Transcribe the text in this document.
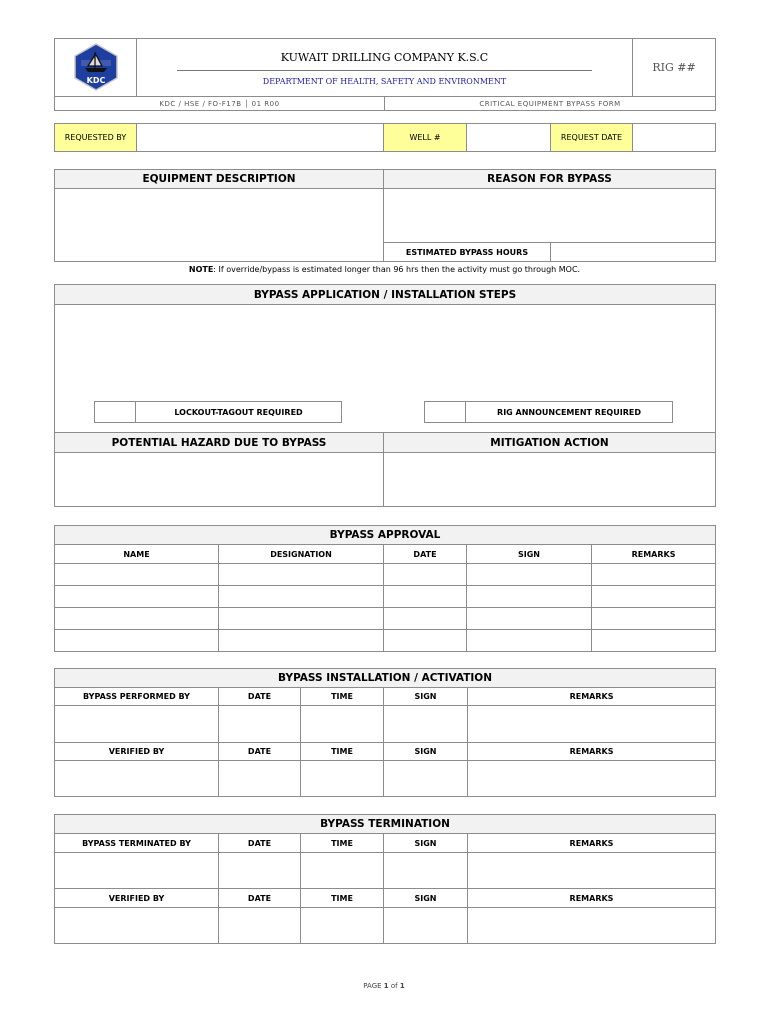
KDC	KUWAIT DRILLING COMPANY K.S.C
DEPARTMENT OF HEALTH, SAFETY AND ENVIRONMENT		RIG ##
KDC / HSE / FO-F17B │ 01 R00		CRITICAL EQUIPMENT BYPASS FORM	
REQUESTED BY		WELL #		REQUEST DATE	
EQUIPMENT DESCRIPTION	REASON FOR BYPASS	

	ESTIMATED BYPASS HOURS	
NOTE: If override/bypass is estimated longer than 96 hrs then the activity must go through MOC.
BYPASS APPLICATION / INSTALLATION STEPS	

POTENTIAL HAZARD DUE TO BYPASS	MITIGATION ACTION

LOCKOUT-TAGOUT REQUIRED	RIG ANNOUNCEMENT REQUIRED
BYPASS APPROVAL				
NAME	DESIGNATION	DATE	SIGN	REMARKS

BYPASS INSTALLATION / ACTIVATION				
BYPASS PERFORMED BY	DATE	TIME	SIGN	REMARKS

VERIFIED BY	DATE	TIME	SIGN	REMARKS

BYPASS TERMINATION				
BYPASS TERMINATED BY	DATE	TIME	SIGN	REMARKS

VERIFIED BY	DATE	TIME	SIGN	REMARKS

PAGE 1 of 1
